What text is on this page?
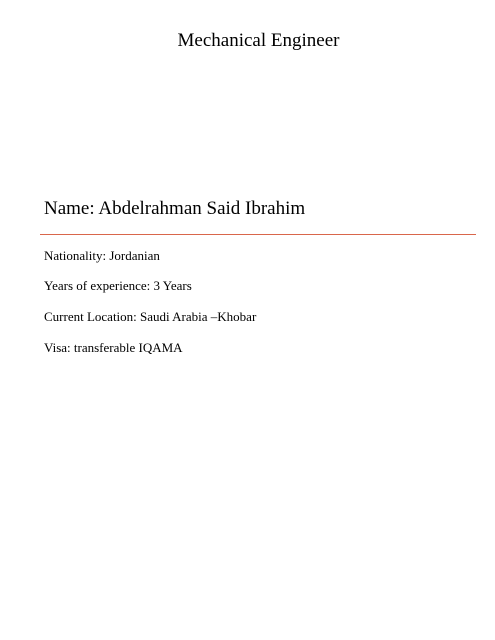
Mechanical Engineer
Name: Abdelrahman Said Ibrahim
Nationality: Jordanian
Years of experience: 3 Years
Current Location: Saudi Arabia –Khobar
Visa: transferable IQAMA
